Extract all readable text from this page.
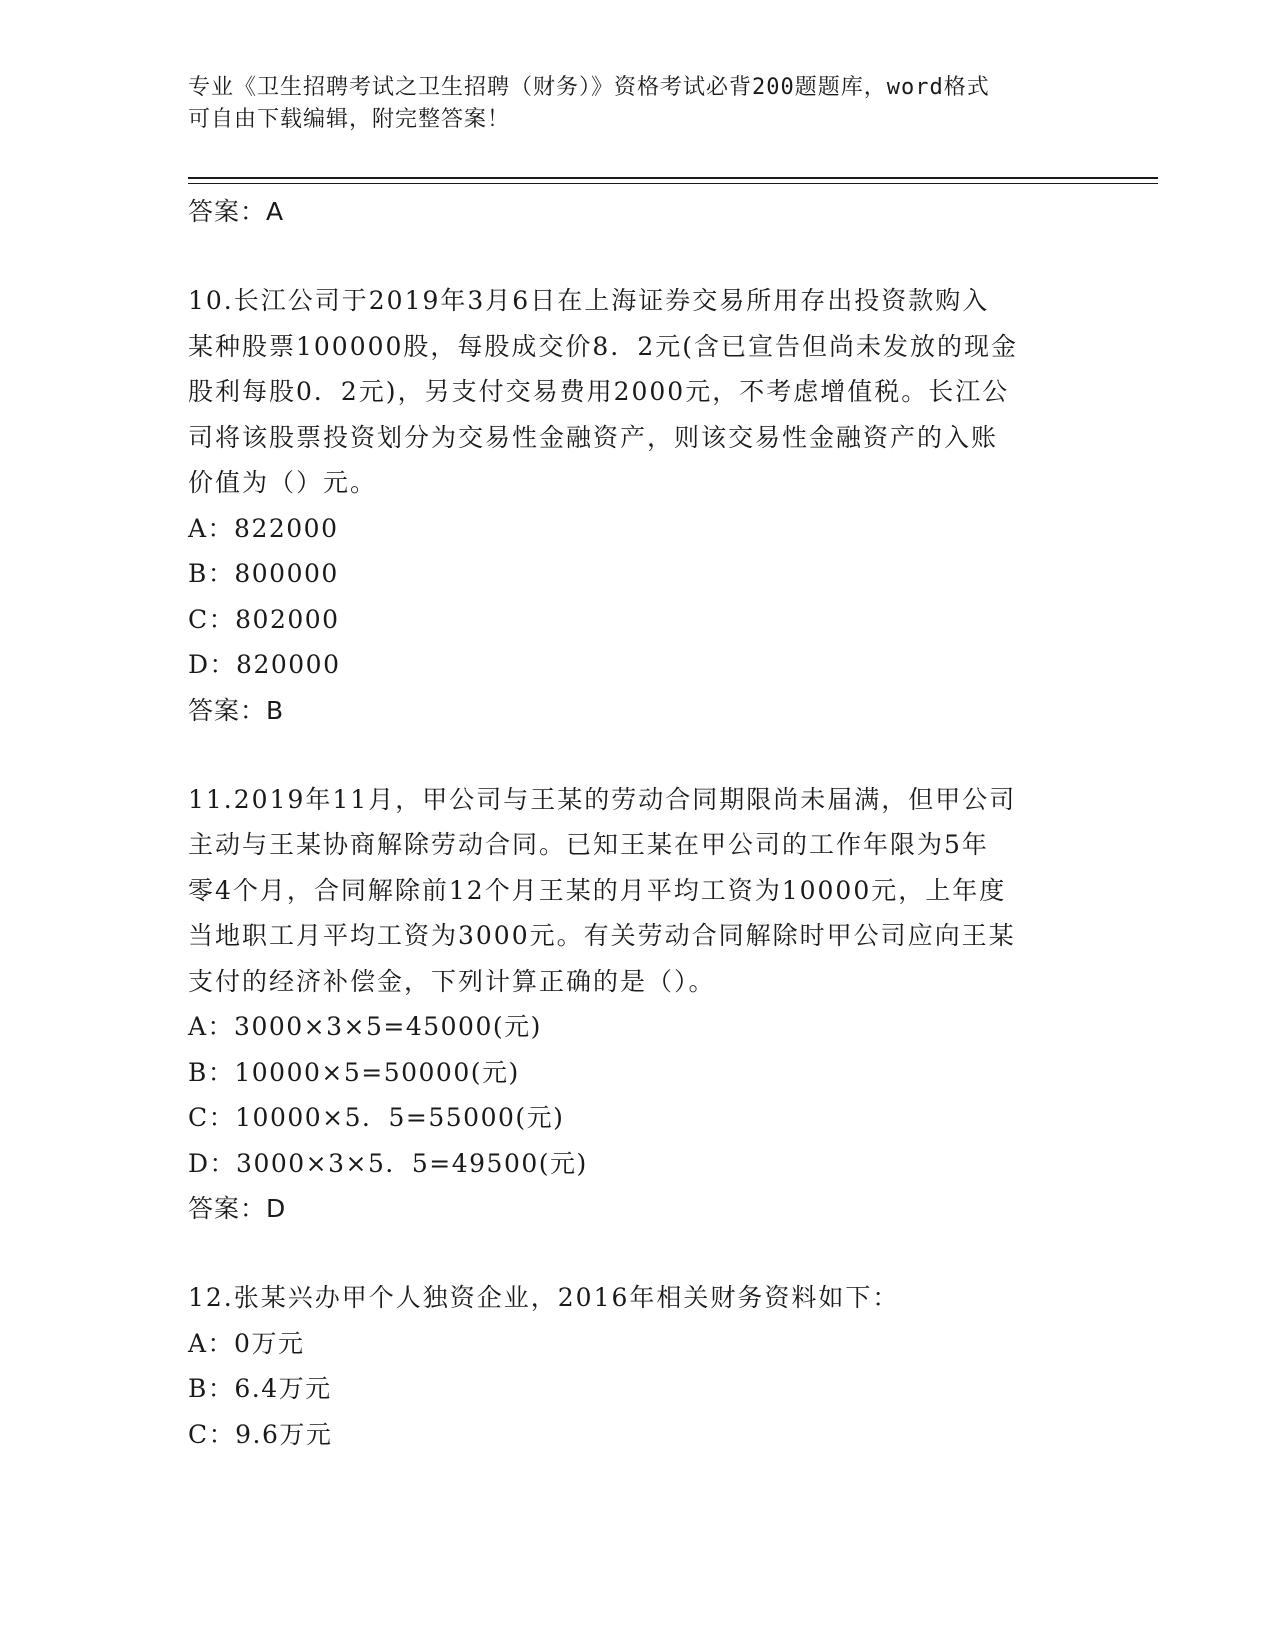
专业《卫生招聘考试之卫生招聘（财务）》资格考试必背200题题库，word格式
可自由下载编辑，附完整答案！
答案：A
10.长江公司于2019年3月6日在上海证券交易所用存出投资款购入
某种股票100000股，每股成交价8．2元(含已宣告但尚未发放的现金
股利每股0．2元)，另支付交易费用2000元，不考虑增值税。长江公
司将该股票投资划分为交易性金融资产，则该交易性金融资产的入账
价值为（）元。
A：822000
B：800000
C：802000
D：820000
答案：B
11.2019年11月，甲公司与王某的劳动合同期限尚未届满，但甲公司
主动与王某协商解除劳动合同。已知王某在甲公司的工作年限为5年
零4个月，合同解除前12个月王某的月平均工资为10000元，上年度
当地职工月平均工资为3000元。有关劳动合同解除时甲公司应向王某
支付的经济补偿金，下列计算正确的是（）。
A：3000×3×5=45000(元)
B：10000×5=50000(元)
C：10000×5．5=55000(元)
D：3000×3×5．5=49500(元)
答案：D
12.张某兴办甲个人独资企业，2016年相关财务资料如下：
A：0万元
B：6.4万元
C：9.6万元
